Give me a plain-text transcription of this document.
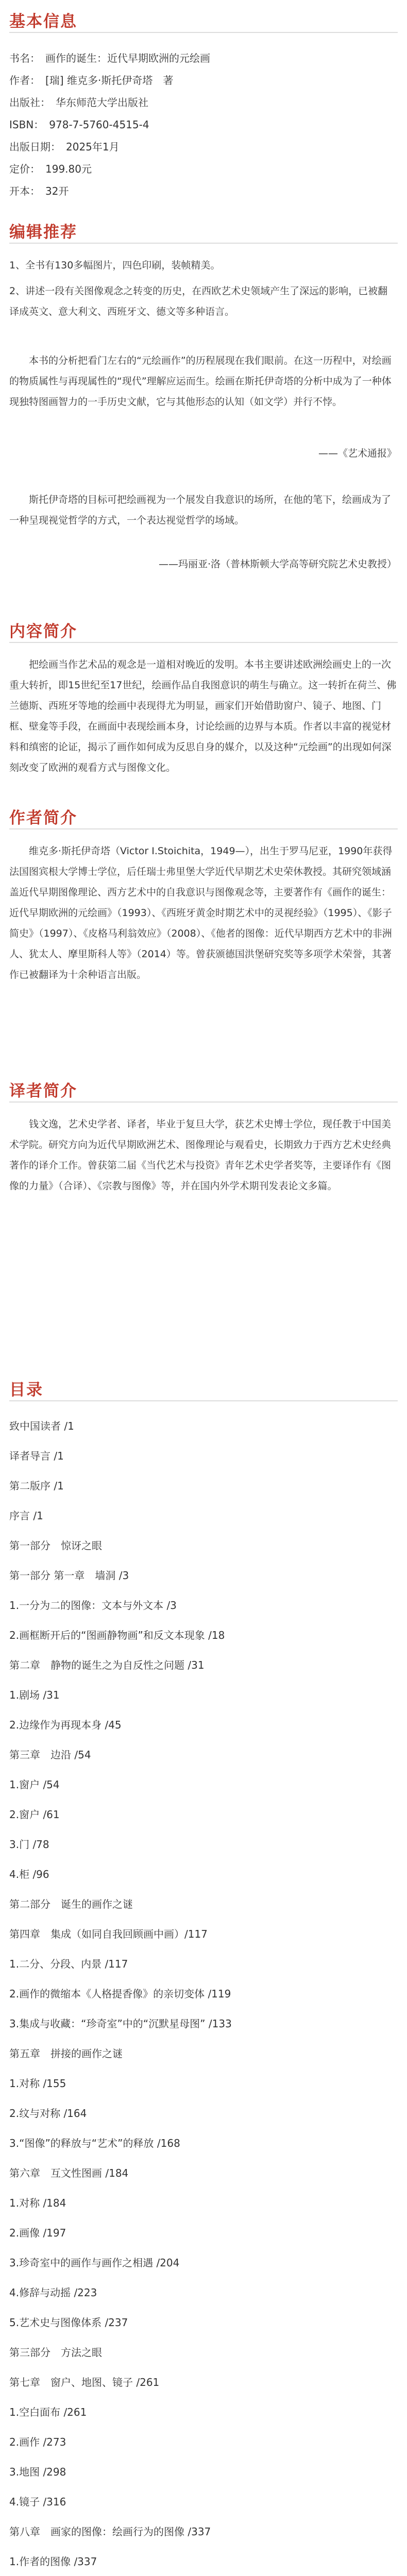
基本信息
书名：　画作的诞生：近代早期欧洲的元绘画
作者：　[瑞] 维克多·斯托伊奇塔　著
出版社：　华东师范大学出版社
ISBN：　978-7-5760-4515-4
出版日期：　2025年1月
定价：　199.80元
开本：　32开
编辑推荐

1、全书有130多幅图片，四色印刷，装帧精美。

2、讲述一段有关图像观念之转变的历史，在西欧艺术史领域产生了深远的影响，已被翻译成英文、意大利文、西班牙文、德文等多种语言。

本书的分析把看门左右的“元绘画作”的历程展现在我们眼前。在这一历程中，对绘画的物质属性与再现属性的“现代”理解应运而生。绘画在斯托伊奇塔的分析中成为了一种体现独特图画智力的一手历史文献，它与其他形态的认知（如文学）并行不悖。

——《艺术通报》

斯托伊奇塔的目标可把绘画视为一个展发自我意识的场所，在他的笔下，绘画成为了一种呈现视觉哲学的方式，一个表达视觉哲学的场域。

——玛丽亚·洛（普林斯顿大学高等研究院艺术史教授）

内容简介

把绘画当作艺术品的观念是一道相对晚近的发明。本书主要讲述欧洲绘画史上的一次重大转折，即15世纪至17世纪，绘画作品自我图意识的萌生与确立。这一转折在荷兰、佛兰德斯、西班牙等地的绘画中表现得尤为明显，画家们开始借助窗户、镜子、地图、门框、壁龛等手段，在画面中表现绘画本身，讨论绘画的边界与本质。作者以丰富的视觉材料和缜密的论证，揭示了画作如何成为反思自身的媒介，以及这种“元绘画”的出现如何深刻改变了欧洲的观看方式与图像文化。

作者简介

维克多·斯托伊奇塔（Victor I.Stoichita，1949—），出生于罗马尼亚，1990年获得法国图宾根大学博士学位，后任瑞士弗里堡大学近代早期艺术史荣休教授。其研究领域涵盖近代早期图像理论、西方艺术中的自我意识与图像观念等，主要著作有《画作的诞生：近代早期欧洲的元绘画》（1993）、《西班牙黄金时期艺术中的灵视经验》（1995）、《影子简史》（1997）、《皮格马利翁效应》（2008）、《他者的图像：近代早期西方艺术中的非洲人、犹太人、摩里斯科人等》（2014）等。曾获颁德国洪堡研究奖等多项学术荣誉，其著作已被翻译为十余种语言出版。

译者简介

钱文逸，艺术史学者、译者，毕业于复旦大学，获艺术史博士学位，现任教于中国美术学院。研究方向为近代早期欧洲艺术、图像理论与观看史，长期致力于西方艺术史经典著作的译介工作。曾获第二届《当代艺术与投资》青年艺术史学者奖等，主要译作有《图像的力量》（合译）、《宗教与图像》等，并在国内外学术期刊发表论文多篇。

目录
致中国读者 /1
译者导言 /1
第二版序 /1
序言 /1
第一部分　惊讶之眼
第一部分 第一章　墙洞 /3
1.一分为二的图像：文本与外文本 /3
2.画框断开后的“图画静物画”和反文本现象 /18
第二章　静物的诞生之为自反性之问题 /31
1.剧场 /31
2.边缘作为再现本身 /45
第三章　边沿 /54
1.窗户 /54
2.窗户 /61
3.门 /78
4.柜 /96
第二部分　诞生的画作之谜
第四章　集成（如同自我回顾画中画）/117
1.二分、分段、内景 /117
2.画作的微缩本《人格提香像》的亲切变体 /119
3.集成与收藏：“珍奇室”中的“沉默星母图” /133
第五章　拼接的画作之谜
1.对称 /155
2.纹与对称 /164
3.“图像”的释放与“艺术”的释放 /168
第六章　互文性图画 /184
1.对称 /184
2.画像 /197
3.珍奇室中的画作与画作之相遇 /204
4.修辞与动摇 /223
5.艺术史与图像体系 /237
第三部分　方法之眼
第七章　窗户、地图、镜子 /261
1.空白面布 /261
2.画作 /273
3.地图 /298
4.镜子 /316
第八章　画家的图像：绘画行为的图像 /337
1.作者的图像 /337
